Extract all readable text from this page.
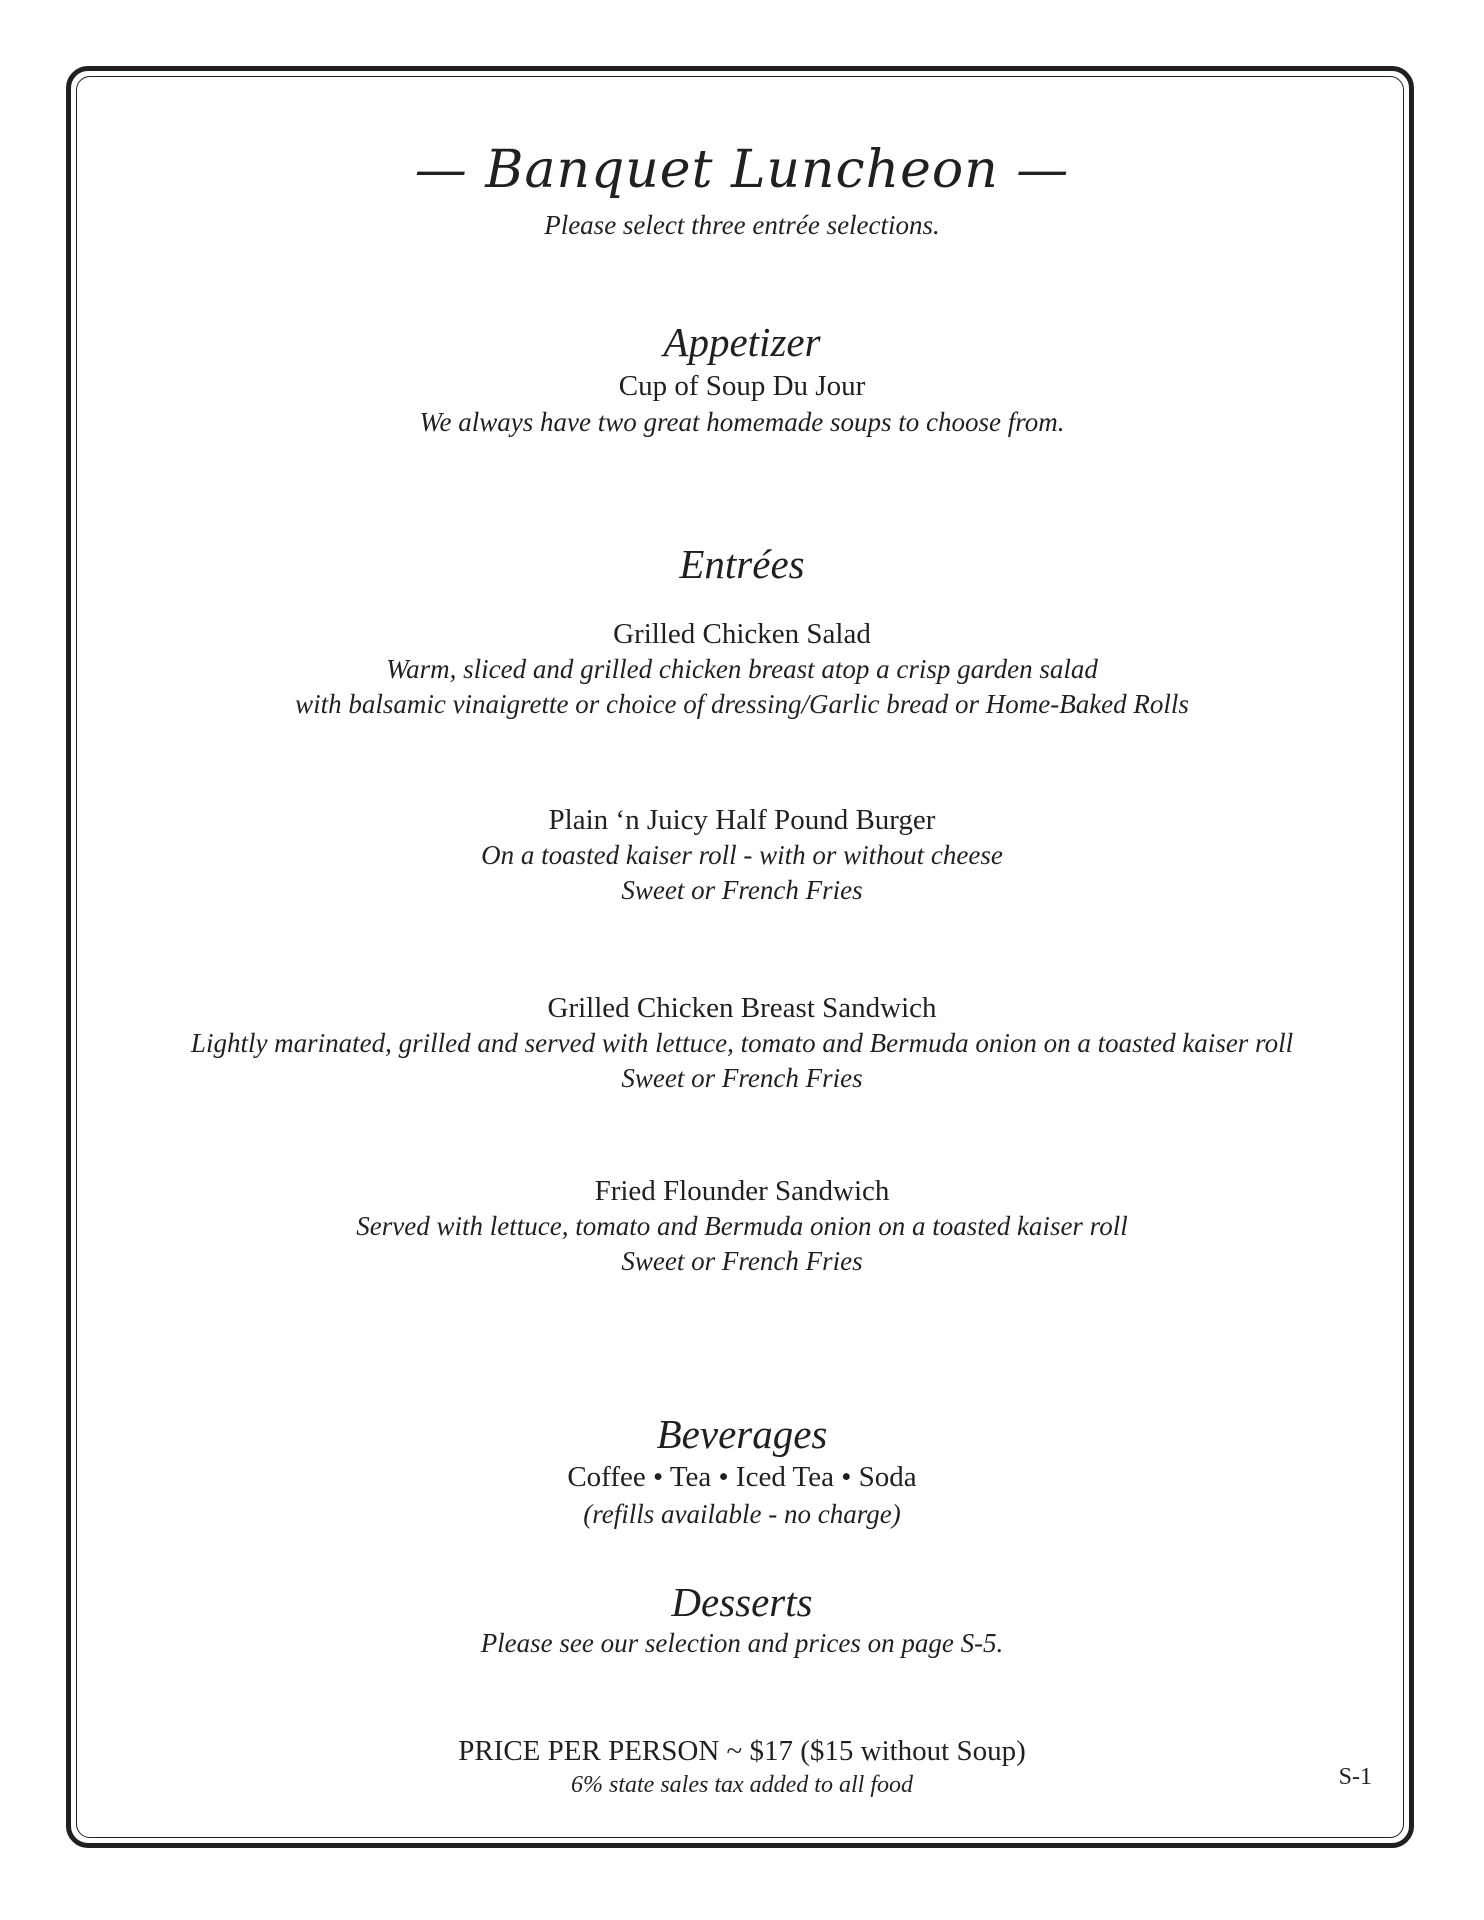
— Banquet Luncheon —
Please select three entrée selections.
Appetizer
Cup of Soup Du Jour
We always have two great homemade soups to choose from.
Entrées
Grilled Chicken Salad
Warm, sliced and grilled chicken breast atop a crisp garden salad
with balsamic vinaigrette or choice of dressing/Garlic bread or Home-Baked Rolls
Plain ‘n Juicy Half Pound Burger
On a toasted kaiser roll - with or without cheese
Sweet or French Fries
Grilled Chicken Breast Sandwich
Lightly marinated, grilled and served with lettuce, tomato and Bermuda onion on a toasted kaiser roll
Sweet or French Fries
Fried Flounder Sandwich
Served with lettuce, tomato and Bermuda onion on a toasted kaiser roll
Sweet or French Fries
Beverages
Coffee • Tea • Iced Tea • Soda
(refills available - no charge)
Desserts
Please see our selection and prices on page S-5.
PRICE PER PERSON ~ $17 ($15 without Soup)
6% state sales tax added to all food	S-1
